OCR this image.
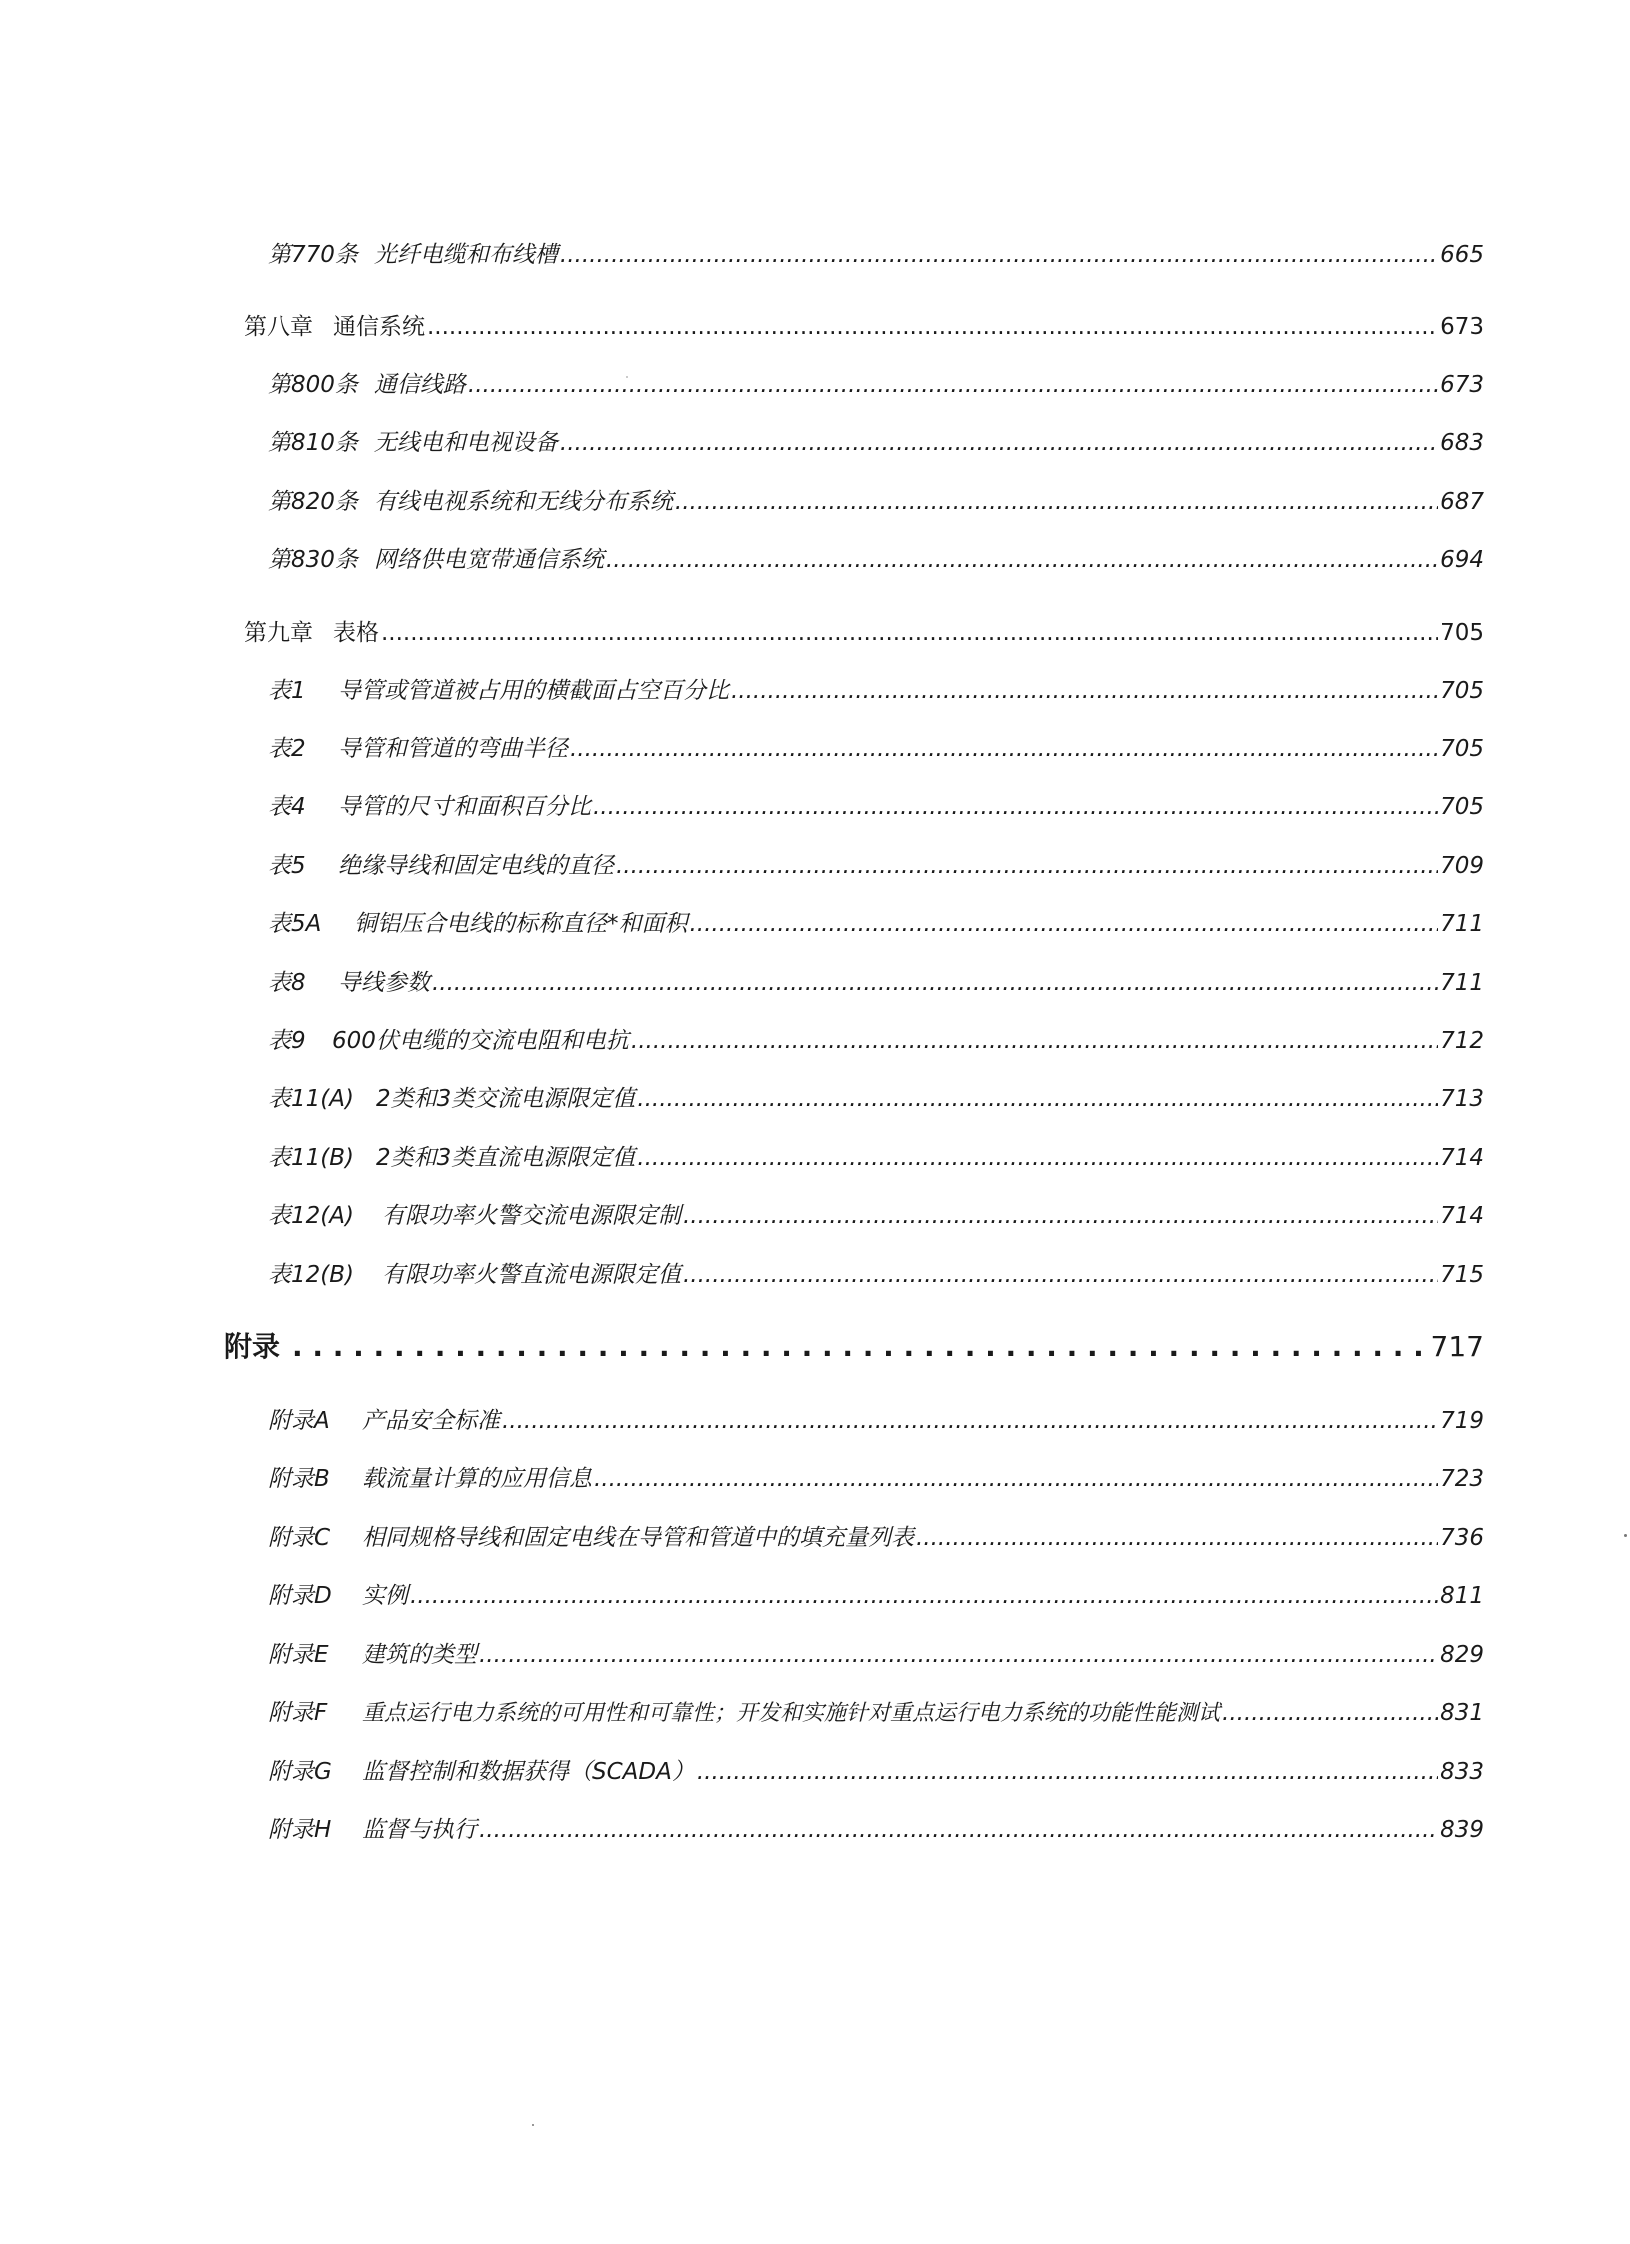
第770条 光纤电缆和布线槽 .....	665
第八章 通信系统 .....	673
第800条 通信线路 .....	673
第810条 无线电和电视设备 .....	683
第820条 有线电视系统和无线分布系统 .....	687
第830条 网络供电宽带通信系统 .....	694
第九章 表格 .....	705
表1	导管或管道被占用的横截面占空百分比 .....	705
表2	导管和管道的弯曲半径 .....	705
表4	导管的尺寸和面积百分比 .....	705
表5	绝缘导线和固定电线的直径 .....	709
表5A	铜铝压合电线的标称直径*和面积 .....	711
表8	导线参数 .....	711
表9	600伏电缆的交流电阻和电抗 .....	712
表11(A) 2类和3类交流电源限定值 .....	713
表11(B) 2类和3类直流电源限定值 .....	714
表12(A)	有限功率火警交流电源限定制 .....	714
表12(B)	有限功率火警直流电源限定值 .....	715
附录 . . .	717
附录A	产品安全标准 .....	719
附录B	载流量计算的应用信息 .....	723
附录C	相同规格导线和固定电线在导管和管道中的填充量列表 .....	736
附录D	实例 .....	811
附录E	建筑的类型 .....	829
附录F	重点运行电力系统的可用性和可靠性；开发和实施针对重点运行电力系统的功能性能测试 .....	831
附录G	监督控制和数据获得（SCADA） .....	833
附录H	监督与执行 .....	839
